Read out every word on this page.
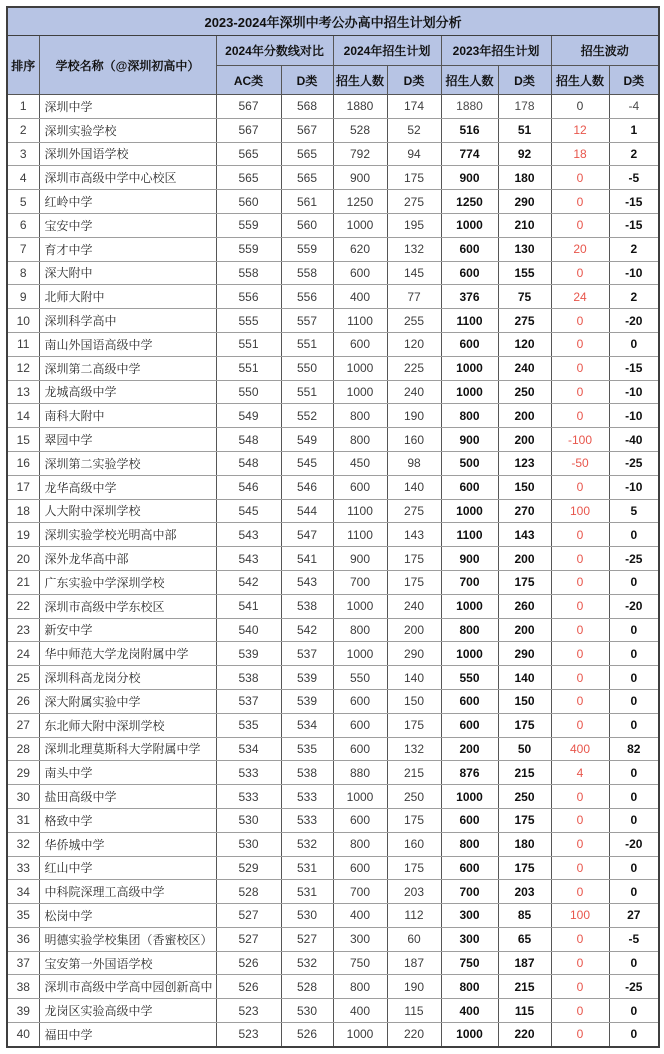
2023-2024年深圳中考公办高中招生计划分析									
排序	学校名称（@深圳初高中）	2024年分数线对比		2024年招生计划		2023年招生计划		招生波动	
		AC类	D类	招生人数	D类	招生人数	D类	招生人数	D类
1	深圳中学	567	568	1880	174	1880	178	0	-4
2	深圳实验学校	567	567	528	52	516	51	12	1
3	深圳外国语学校	565	565	792	94	774	92	18	2
4	深圳市高级中学中心校区	565	565	900	175	900	180	0	-5
5	红岭中学	560	561	1250	275	1250	290	0	-15
6	宝安中学	559	560	1000	195	1000	210	0	-15
7	育才中学	559	559	620	132	600	130	20	2
8	深大附中	558	558	600	145	600	155	0	-10
9	北师大附中	556	556	400	77	376	75	24	2
10	深圳科学高中	555	557	1100	255	1100	275	0	-20
11	南山外国语高级中学	551	551	600	120	600	120	0	0
12	深圳第二高级中学	551	550	1000	225	1000	240	0	-15
13	龙城高级中学	550	551	1000	240	1000	250	0	-10
14	南科大附中	549	552	800	190	800	200	0	-10
15	翠园中学	548	549	800	160	900	200	-100	-40
16	深圳第二实验学校	548	545	450	98	500	123	-50	-25
17	龙华高级中学	546	546	600	140	600	150	0	-10
18	人大附中深圳学校	545	544	1100	275	1000	270	100	5
19	深圳实验学校光明高中部	543	547	1100	143	1100	143	0	0
20	深外龙华高中部	543	541	900	175	900	200	0	-25
21	广东实验中学深圳学校	542	543	700	175	700	175	0	0
22	深圳市高级中学东校区	541	538	1000	240	1000	260	0	-20
23	新安中学	540	542	800	200	800	200	0	0
24	华中师范大学龙岗附属中学	539	537	1000	290	1000	290	0	0
25	深圳科高龙岗分校	538	539	550	140	550	140	0	0
26	深大附属实验中学	537	539	600	150	600	150	0	0
27	东北师大附中深圳学校	535	534	600	175	600	175	0	0
28	深圳北理莫斯科大学附属中学	534	535	600	132	200	50	400	82
29	南头中学	533	538	880	215	876	215	4	0
30	盐田高级中学	533	533	1000	250	1000	250	0	0
31	格致中学	530	533	600	175	600	175	0	0
32	华侨城中学	530	532	800	160	800	180	0	-20
33	红山中学	529	531	600	175	600	175	0	0
34	中科院深理工高级中学	528	531	700	203	700	203	0	0
35	松岗中学	527	530	400	112	300	85	100	27
36	明德实验学校集团（香蜜校区）	527	527	300	60	300	65	0	-5
37	宝安第一外国语学校	526	532	750	187	750	187	0	0
38	深圳市高级中学高中园创新高中	526	528	800	190	800	215	0	-25
39	龙岗区实验高级中学	523	530	400	115	400	115	0	0
40	福田中学	523	526	1000	220	1000	220	0	0
